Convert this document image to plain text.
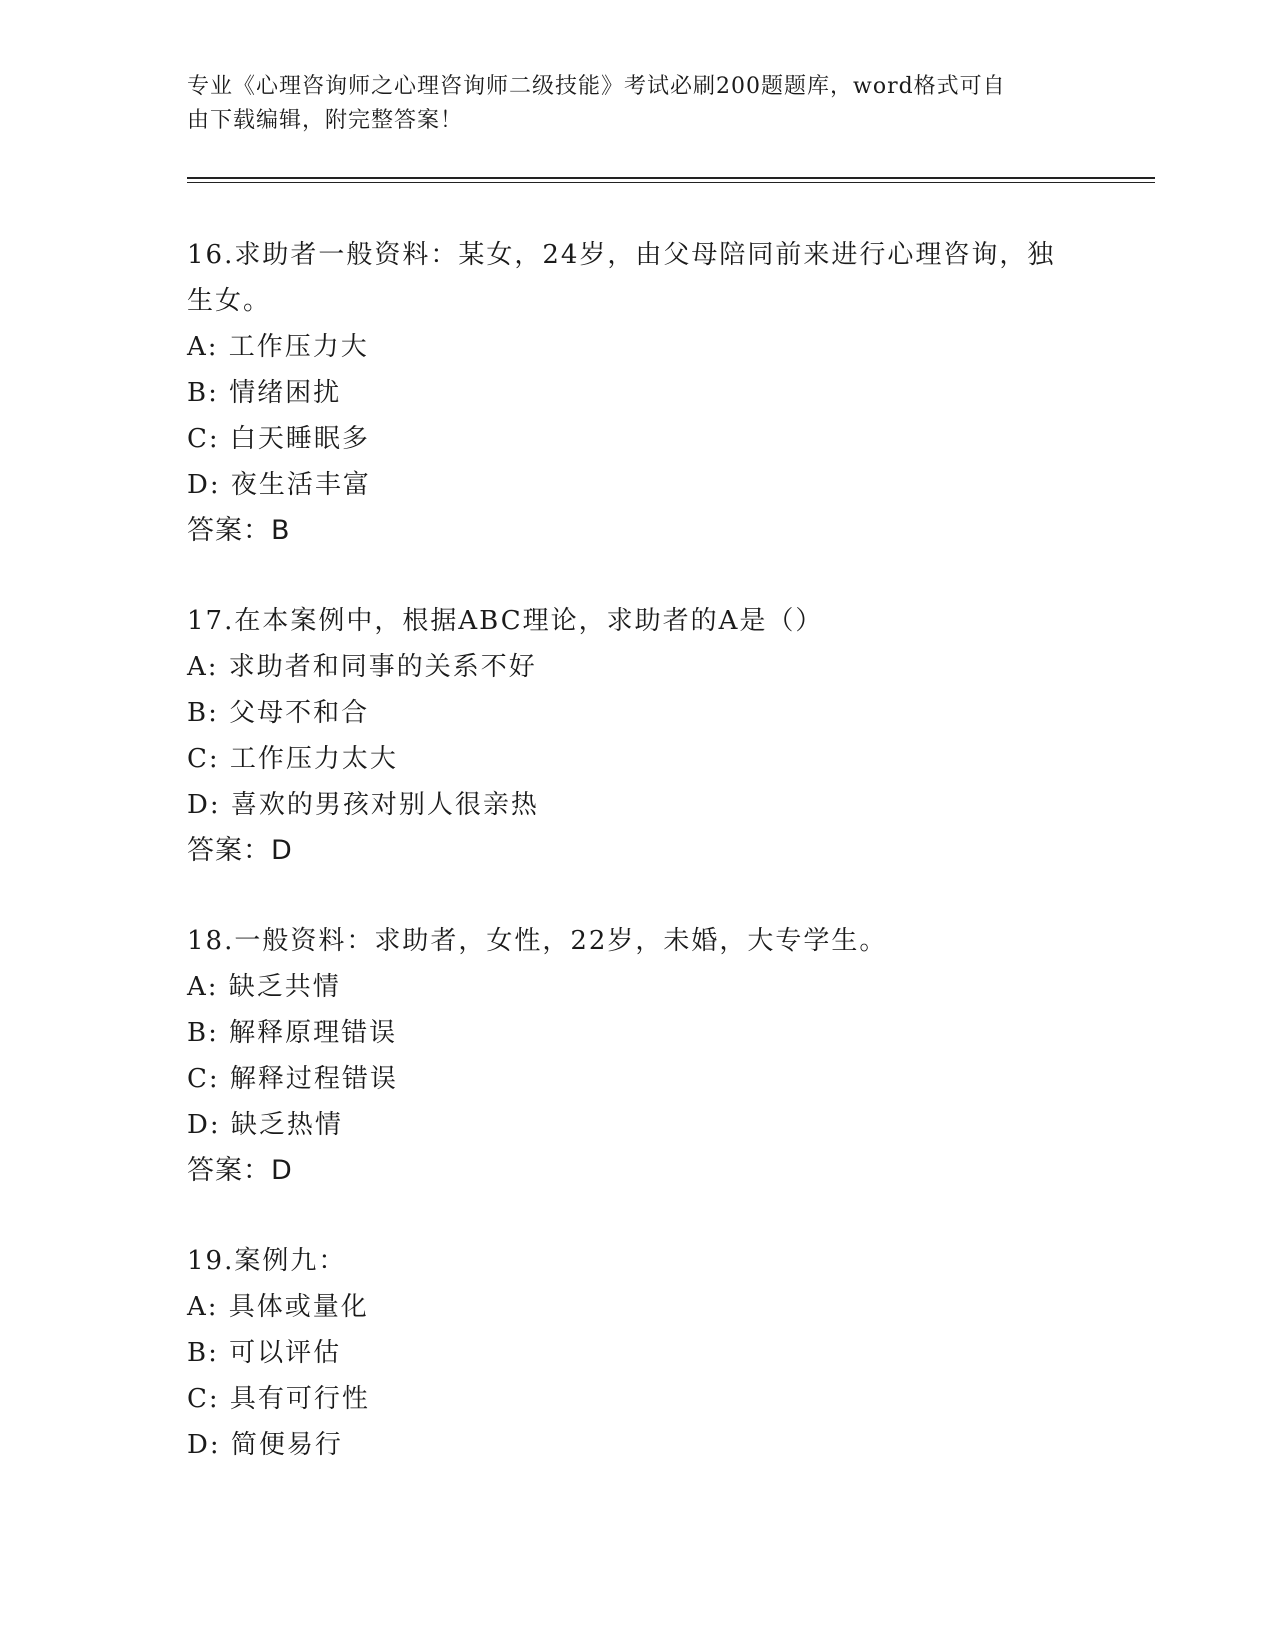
专业《心理咨询师之心理咨询师二级技能》考试必刷200题题库，word格式可自
由下载编辑，附完整答案！

16.求助者一般资料：某女，24岁，由父母陪同前来进行心理咨询，独

生女。

A: 工作压力大

B: 情绪困扰

C: 白天睡眠多

D: 夜生活丰富

答案：B

17.在本案例中，根据ABC理论，求助者的A是（）

A: 求助者和同事的关系不好

B: 父母不和合

C: 工作压力太大

D: 喜欢的男孩对别人很亲热

答案：D

18.一般资料：求助者，女性，22岁，未婚，大专学生。

A: 缺乏共情

B: 解释原理错误

C: 解释过程错误

D: 缺乏热情

答案：D

19.案例九：

A: 具体或量化

B: 可以评估

C: 具有可行性

D: 简便易行
